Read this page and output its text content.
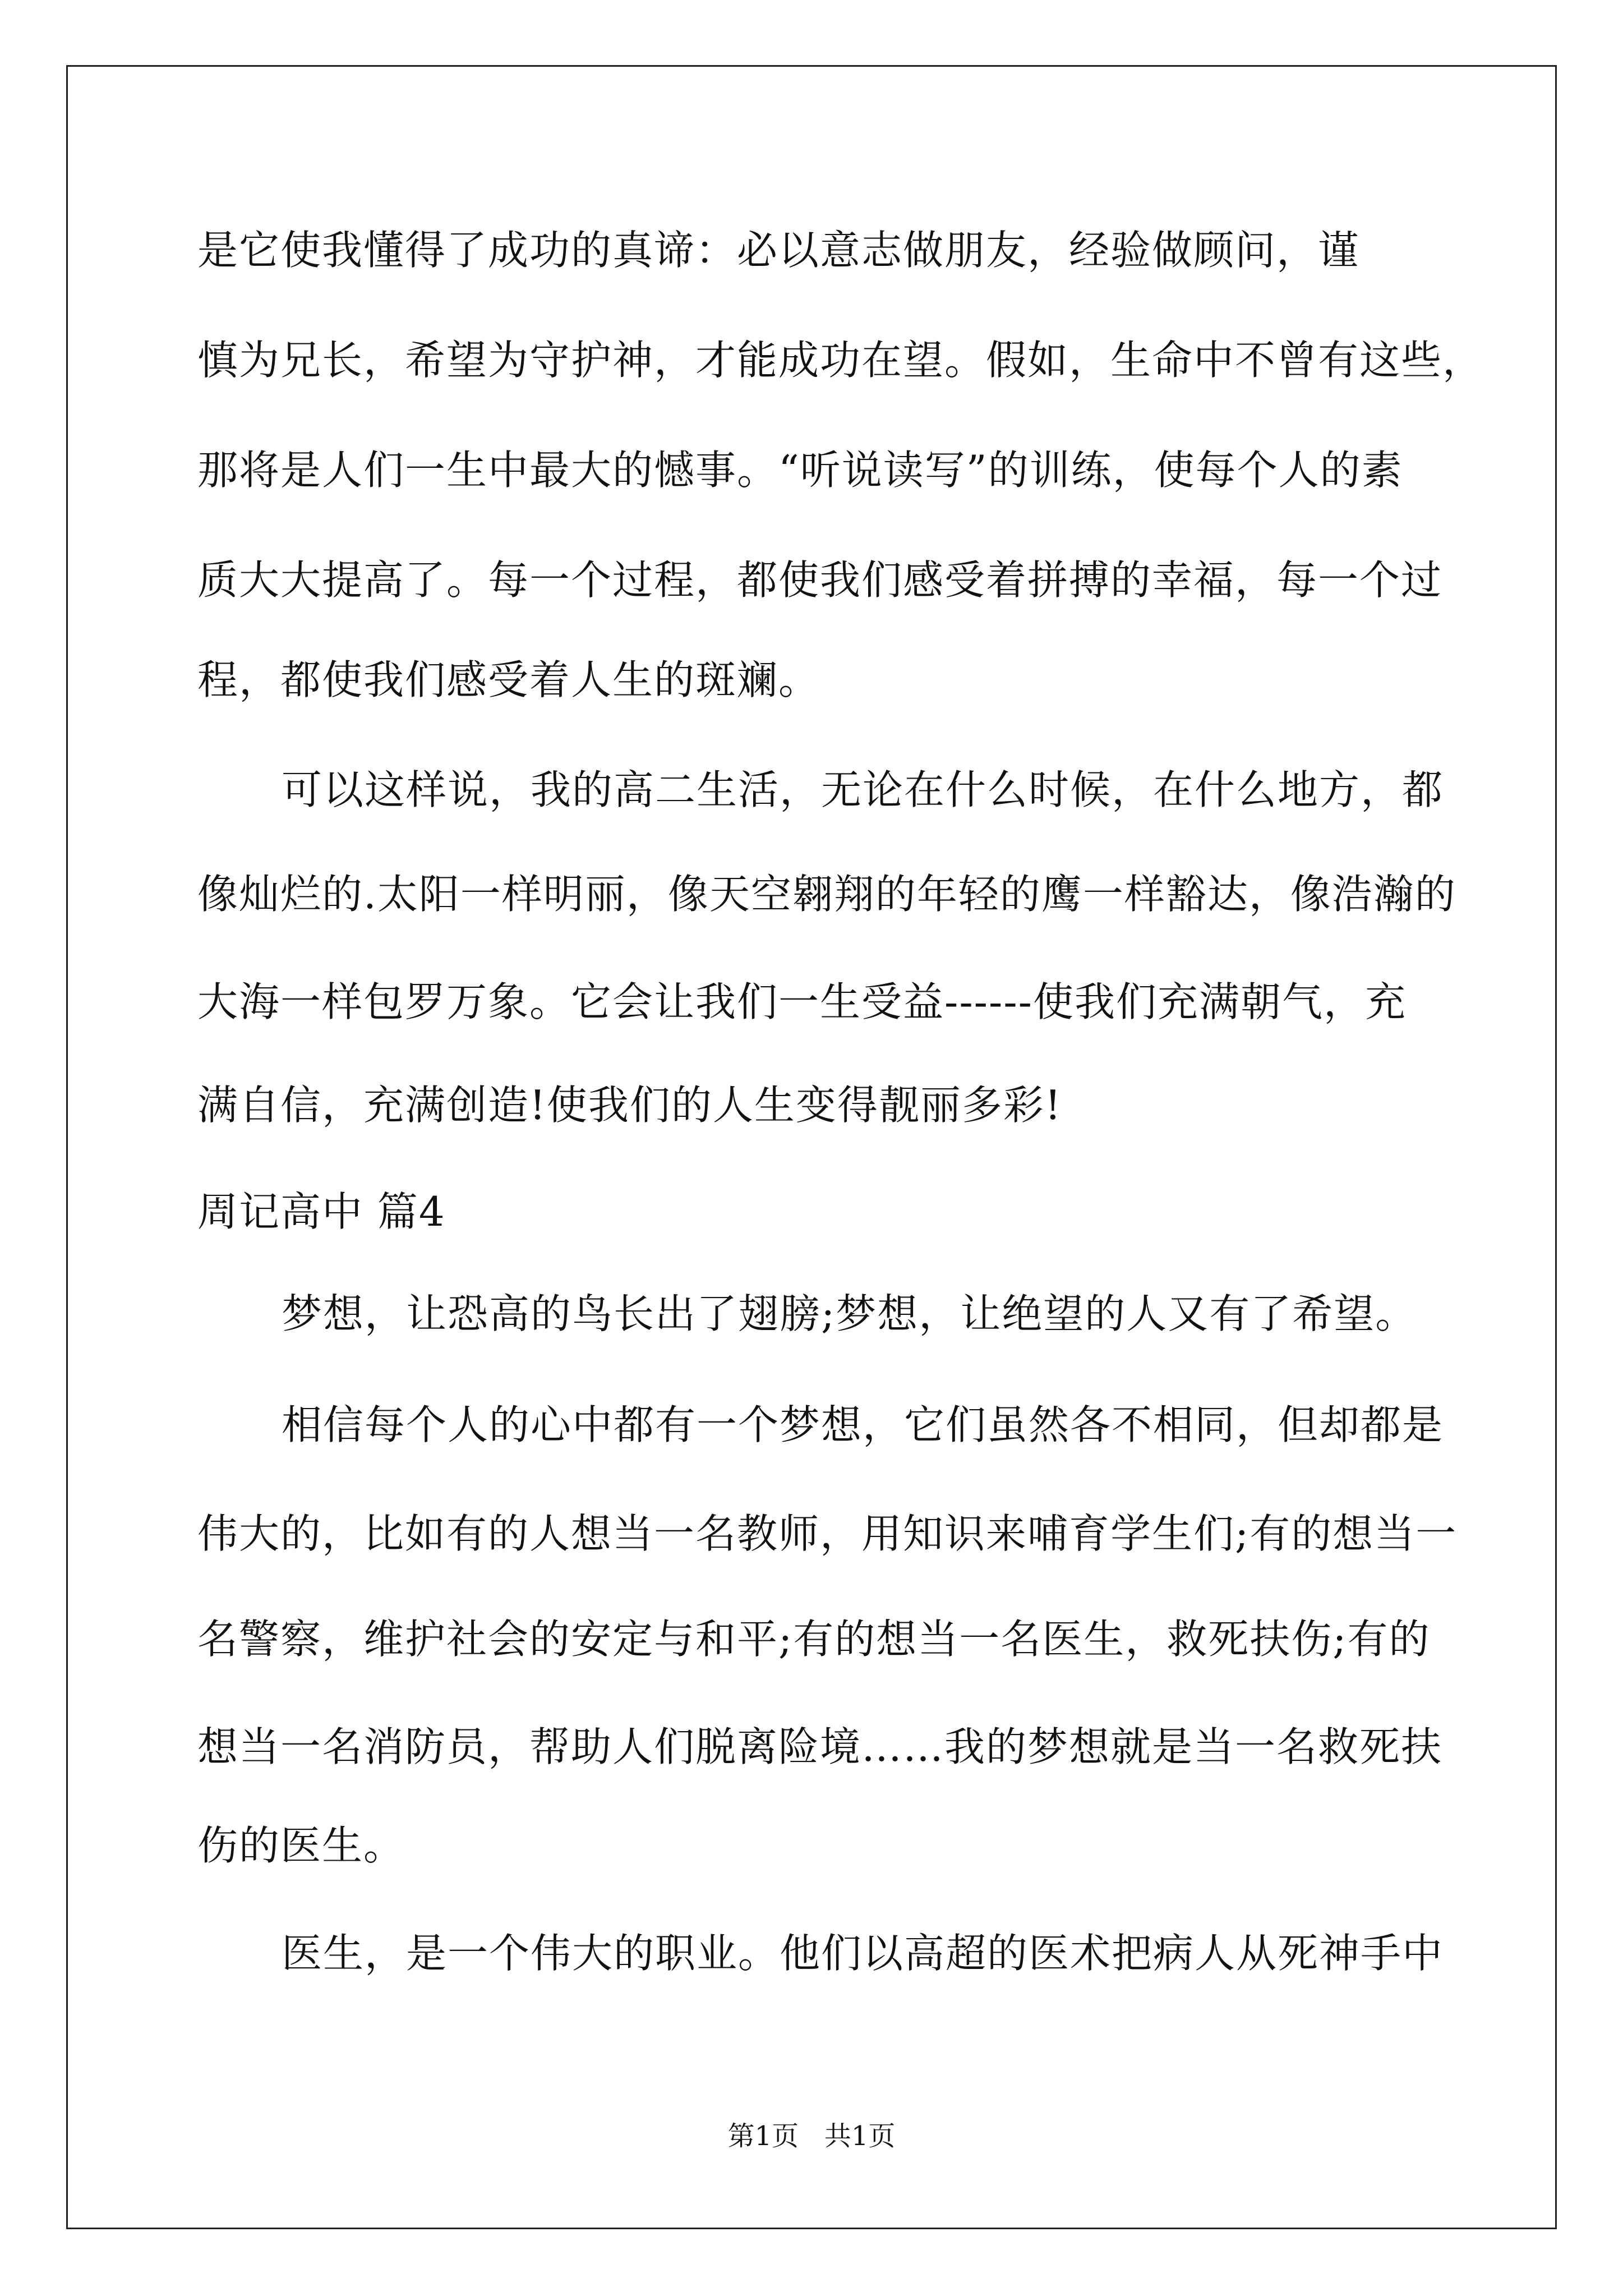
是它使我懂得了成功的真谛：必以意志做朋友，经验做顾问，谨

慎为兄长，希望为守护神，才能成功在望。假如，生命中不曾有这些，

那将是人们一生中最大的憾事。“听说读写”的训练，使每个人的素

质大大提高了。每一个过程，都使我们感受着拼搏的幸福，每一个过

程，都使我们感受着人生的斑斓。

可以这样说，我的高二生活，无论在什么时候，在什么地方，都

像灿烂的.太阳一样明丽，像天空翱翔的年轻的鹰一样豁达，像浩瀚的

大海一样包罗万象。它会让我们一生受益------使我们充满朝气，充

满自信，充满创造!使我们的人生变得靓丽多彩!

周记高中 篇4

梦想，让恐高的鸟长出了翅膀;梦想，让绝望的人又有了希望。

相信每个人的心中都有一个梦想，它们虽然各不相同，但却都是

伟大的，比如有的人想当一名教师，用知识来哺育学生们;有的想当一

名警察，维护社会的安定与和平;有的想当一名医生，救死扶伤;有的

想当一名消防员，帮助人们脱离险境……我的梦想就是当一名救死扶

伤的医生。

医生，是一个伟大的职业。他们以高超的医术把病人从死神手中

第1页   共1页
